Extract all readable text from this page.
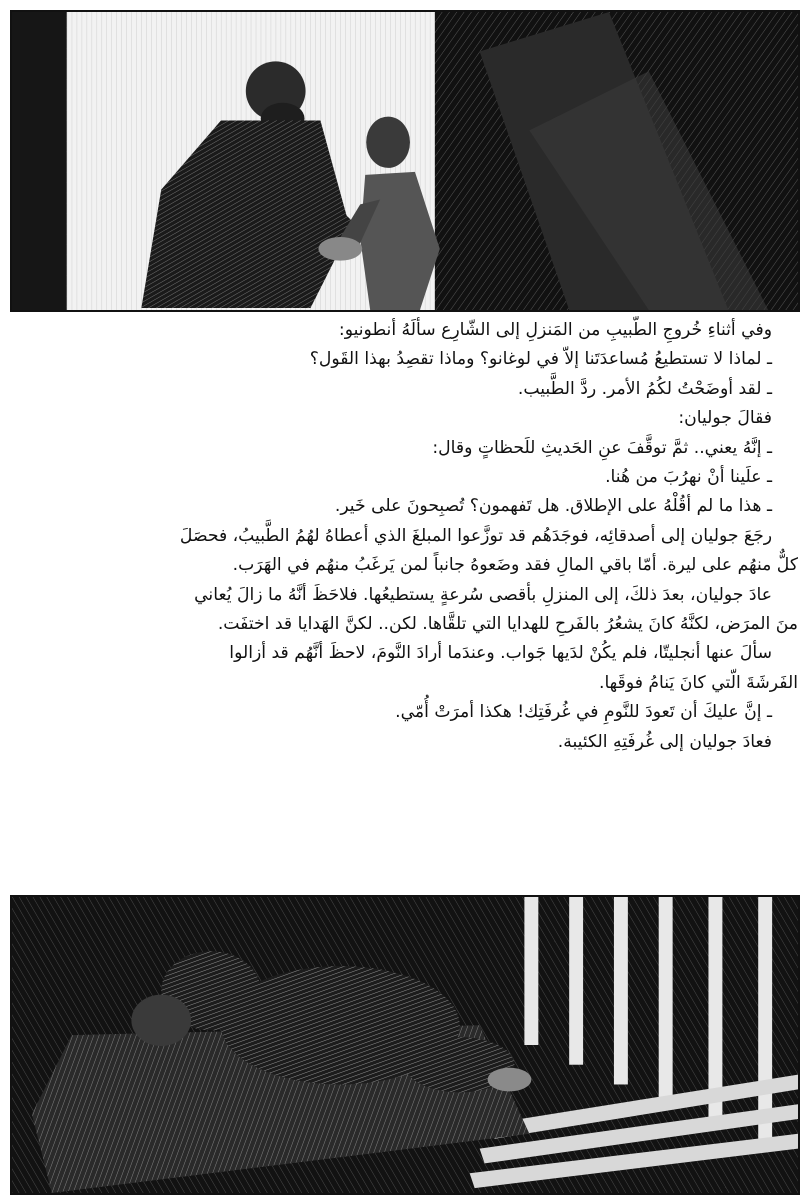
وفي أثناءِ خُروجِ الطَّبيبِ من المَنزلِ إلى الشّارِع سألَهُ أنطونيو:

ـ لماذا لا تستطيعُ مُساعدَتَنا إلاّ في لوغانو؟ وماذا تقصِدُ بهذا القَول؟

ـ لقد أوضَحْتُ لكُمُ الأمر. ردَّ الطَّبيب.

فقالَ جوليان:

ـ إنَّهُ يعني.. ثمَّ توقَّفَ عنِ الحَديثِ للَحظاتٍ وقال:

ـ علَينا أنْ نهرُبَ من هُنا.

ـ هذا ما لم أقُلْهُ على الإطلاق. هل تَفهمون؟ تُصبِحونَ على خَير.

رجَعَ جوليان إلى أصدقائِه، فوجَدَهُم قد توزَّعوا المبلغَ الذي أعطاهُ لهُمُ الطَّبيبُ، فحصَلَ

كلٌّ منهُم على ليرة. أمّا باقي المالِ فقد وضَعوهُ جانباً لمن يَرغَبُ منهُم في الهَرَب.

عادَ جوليان، بعدَ ذلكَ، إلى المنزلِ بأقصى سُرعةٍ يستطيعُها. فلاحَظَ أنَّهُ ما زالَ يُعاني

منَ المرَض، لكنَّهُ كانَ يشعُرُ بالفَرحِ للهدايا التي تلقَّاها. لكن.. لكنَّ الهَدايا قد اختفَت.

سألَ عنها أنجليتّا، فلم يكُنْ لدَيها جَواب. وعندَما أرادَ النَّومَ، لاحظَ أنَّهُم قد أزالوا

الفَرشَةَ الّتي كانَ يَنامُ فوقَها.

ـ إنَّ عليكَ أن تَعودَ للنَّومِ في غُرفَتِك! هكذا أمرَتْ أُمّي.

فعادَ جوليان إلى غُرفَتِهِ الكئيبة.
